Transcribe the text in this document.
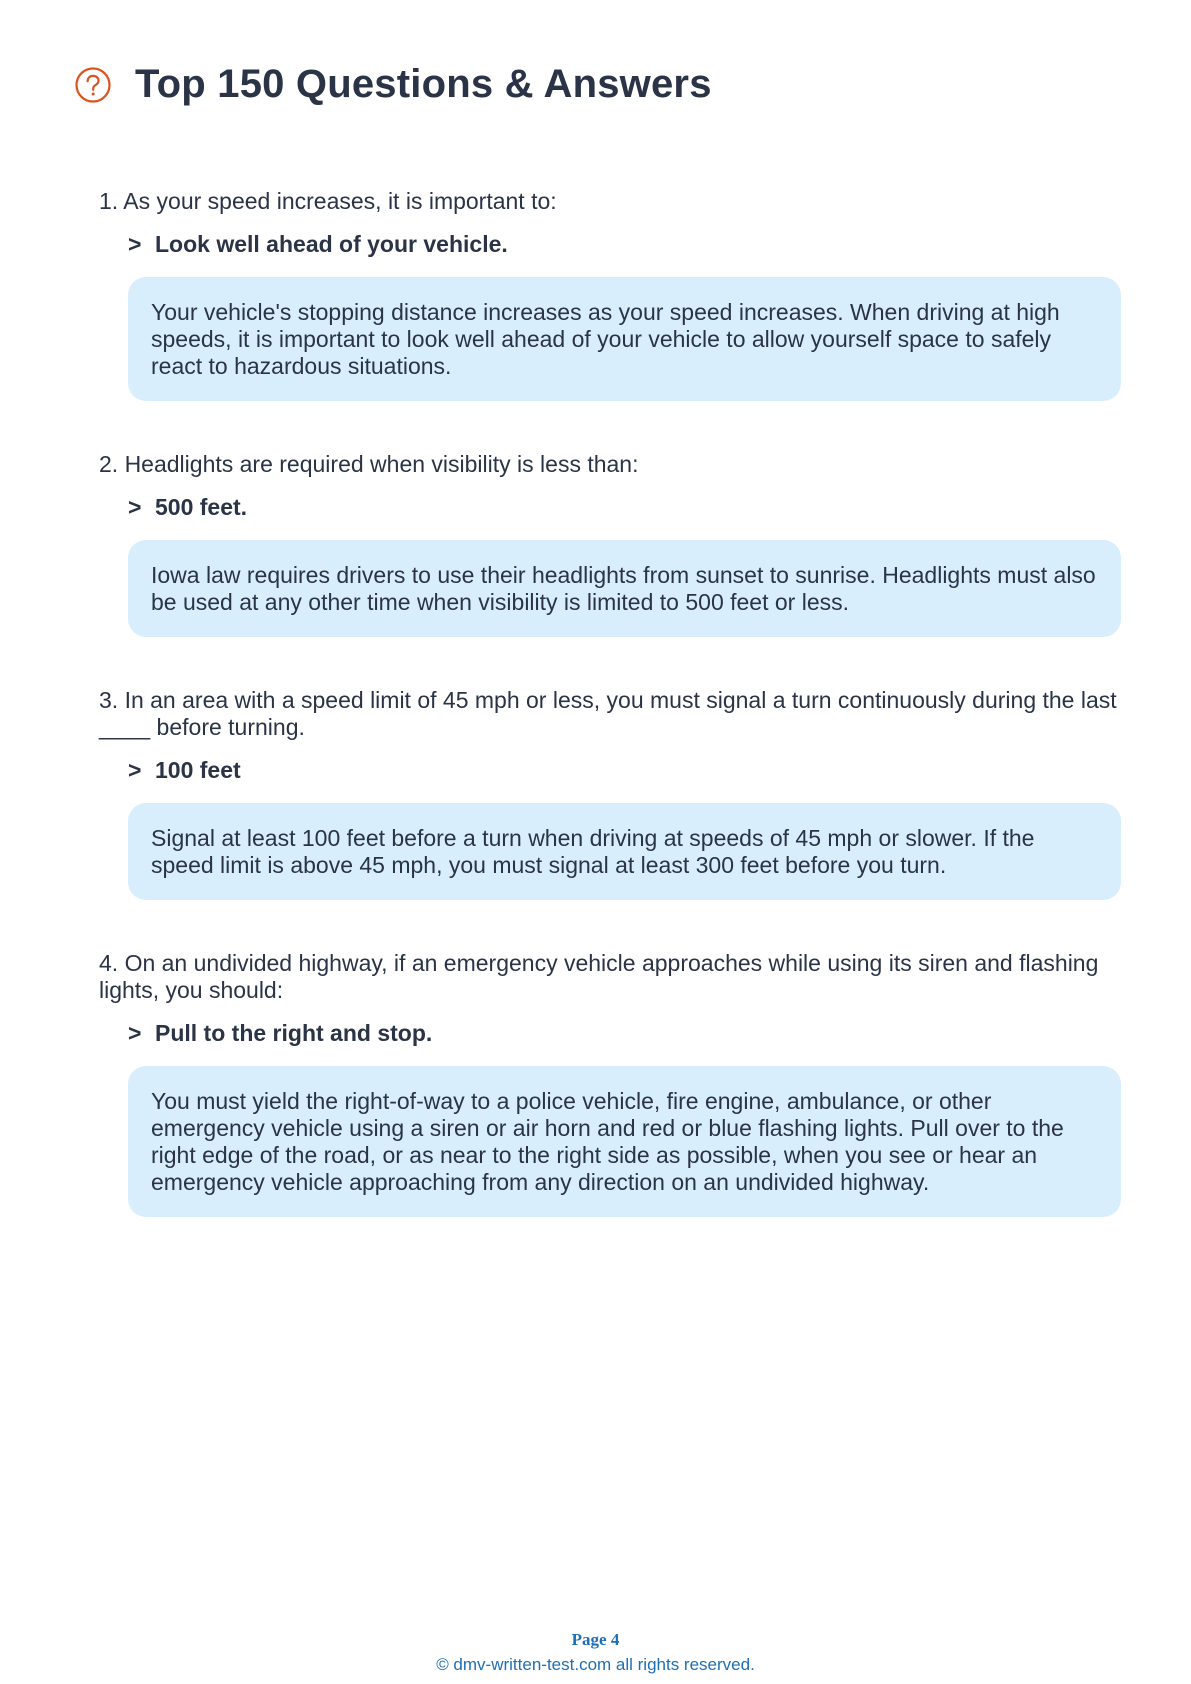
Top 150 Questions & Answers
1. As your speed increases, it is important to:
> Look well ahead of your vehicle.
Your vehicle's stopping distance increases as your speed increases. When driving at high speeds, it is important to look well ahead of your vehicle to allow yourself space to safely react to hazardous situations.
2. Headlights are required when visibility is less than:
> 500 feet.
Iowa law requires drivers to use their headlights from sunset to sunrise. Headlights must also be used at any other time when visibility is limited to 500 feet or less.
3. In an area with a speed limit of 45 mph or less, you must signal a turn continuously during the last ____ before turning.
> 100 feet
Signal at least 100 feet before a turn when driving at speeds of 45 mph or slower. If the speed limit is above 45 mph, you must signal at least 300 feet before you turn.
4. On an undivided highway, if an emergency vehicle approaches while using its siren and flashing lights, you should:
> Pull to the right and stop.
You must yield the right-of-way to a police vehicle, fire engine, ambulance, or other emergency vehicle using a siren or air horn and red or blue flashing lights. Pull over to the right edge of the road, or as near to the right side as possible, when you see or hear an emergency vehicle approaching from any direction on an undivided highway.
Page 4
© dmv-written-test.com all rights reserved.
